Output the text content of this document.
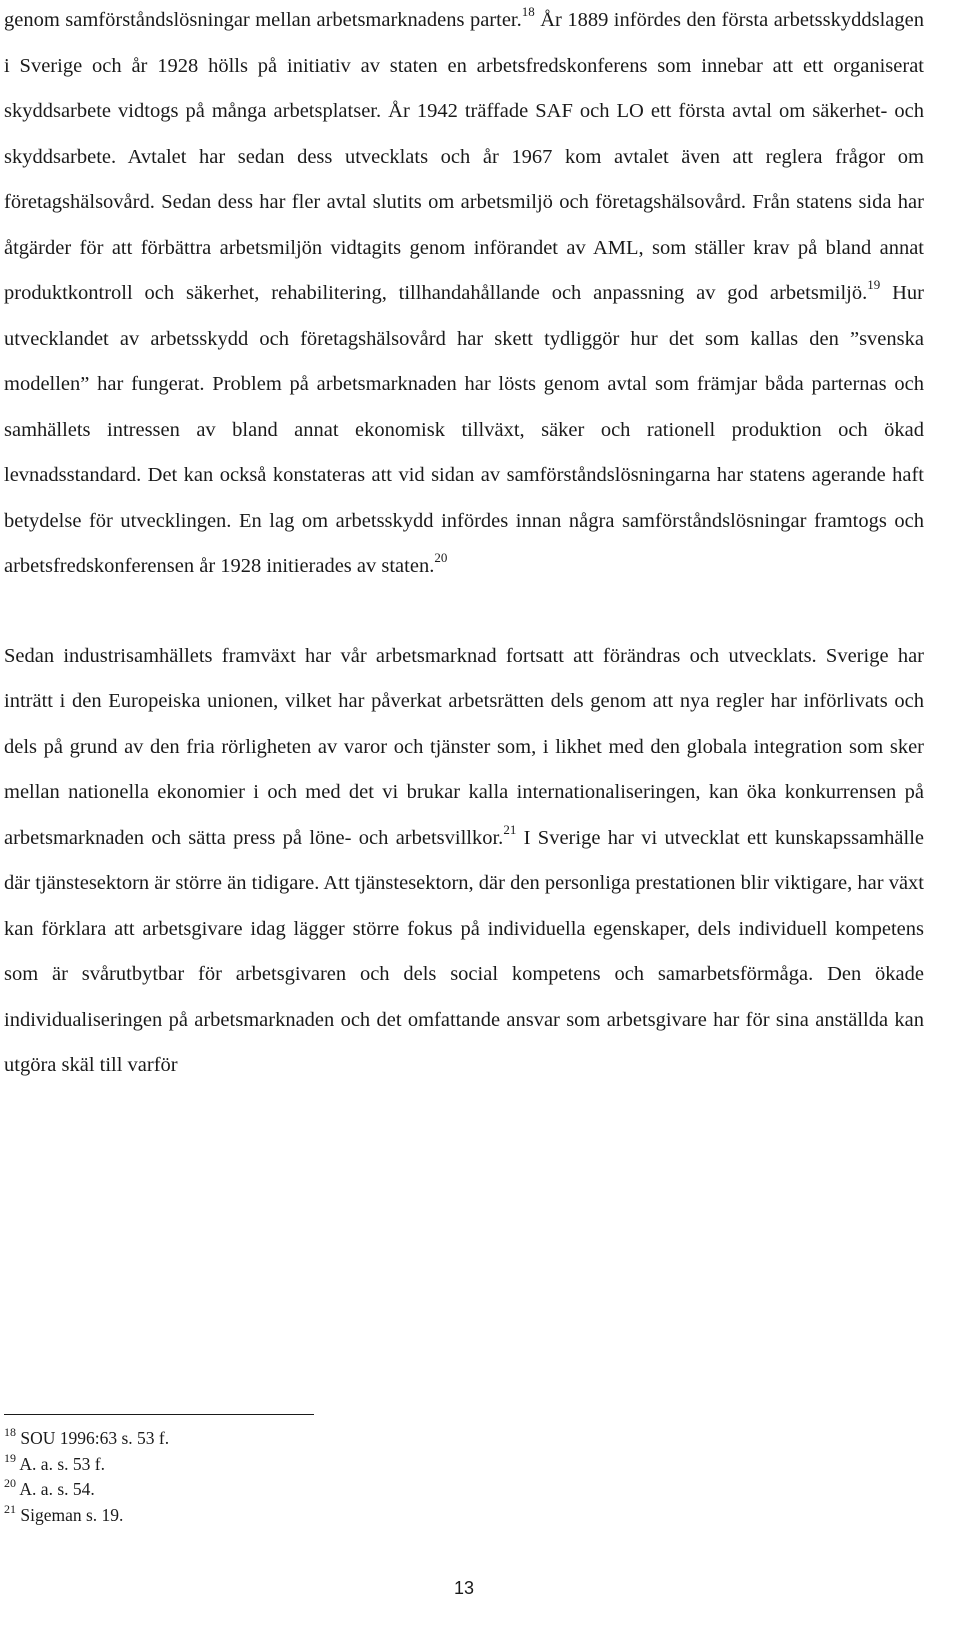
genom samförståndslösningar mellan arbetsmarknadens parter.$^{18}$ År 1889 infördes den första arbetsskyddslagen i Sverige och år 1928 hölls på initiativ av staten en arbetsfredskonferens som innebar att ett organiserat skyddsarbete vidtogs på många arbetsplatser. År 1942 träffade SAF och LO ett första avtal om säkerhet- och skyddsarbete. Avtalet har sedan dess utvecklats och år 1967 kom avtalet även att reglera frågor om företagshälsovård. Sedan dess har fler avtal slutits om arbetsmiljö och företagshälsovård. Från statens sida har åtgärder för att förbättra arbetsmiljön vidtagits genom införandet av AML, som ställer krav på bland annat produktkontroll och säkerhet, rehabilitering, tillhandahållande och anpassning av god arbetsmiljö.$^{19}$ Hur utvecklandet av arbetsskydd och företagshälsovård har skett tydliggör hur det som kallas den ”svenska modellen” har fungerat. Problem på arbetsmarknaden har lösts genom avtal som främjar båda parternas och samhällets intressen av bland annat ekonomisk tillväxt, säker och rationell produktion och ökad levnadsstandard. Det kan också konstateras att vid sidan av samförståndslösningarna har statens agerande haft betydelse för utvecklingen. En lag om arbetsskydd infördes innan några samförståndslösningar framtogs och arbetsfredskonferensen år 1928 initierades av staten.$^{20}$

Sedan industrisamhällets framväxt har vår arbetsmarknad fortsatt att förändras och utvecklats. Sverige har inträtt i den Europeiska unionen, vilket har påverkat arbetsrätten dels genom att nya regler har införlivats och dels på grund av den fria rörligheten av varor och tjänster som, i likhet med den globala integration som sker mellan nationella ekonomier i och med det vi brukar kalla internationaliseringen, kan öka konkurrensen på arbetsmarknaden och sätta press på löne- och arbetsvillkor.$^{21}$ I Sverige har vi utvecklat ett kunskapssamhälle där tjänstesektorn är större än tidigare. Att tjänstesektorn, där den personliga prestationen blir viktigare, har växt kan förklara att arbetsgivare idag lägger större fokus på individuella egenskaper, dels individuell kompetens som är svårutbytbar för arbetsgivaren och dels social kompetens och samarbetsförmåga. Den ökade individualiseringen på arbetsmarknaden och det omfattande ansvar som arbetsgivare har för sina anställda kan utgöra skäl till varför

$^{18}$ SOU 1996:63 s. 53 f.

$^{19}$ A. a. s. 53 f.

$^{20}$ A. a. s. 54.

$^{21}$ Sigeman s. 19.

13
